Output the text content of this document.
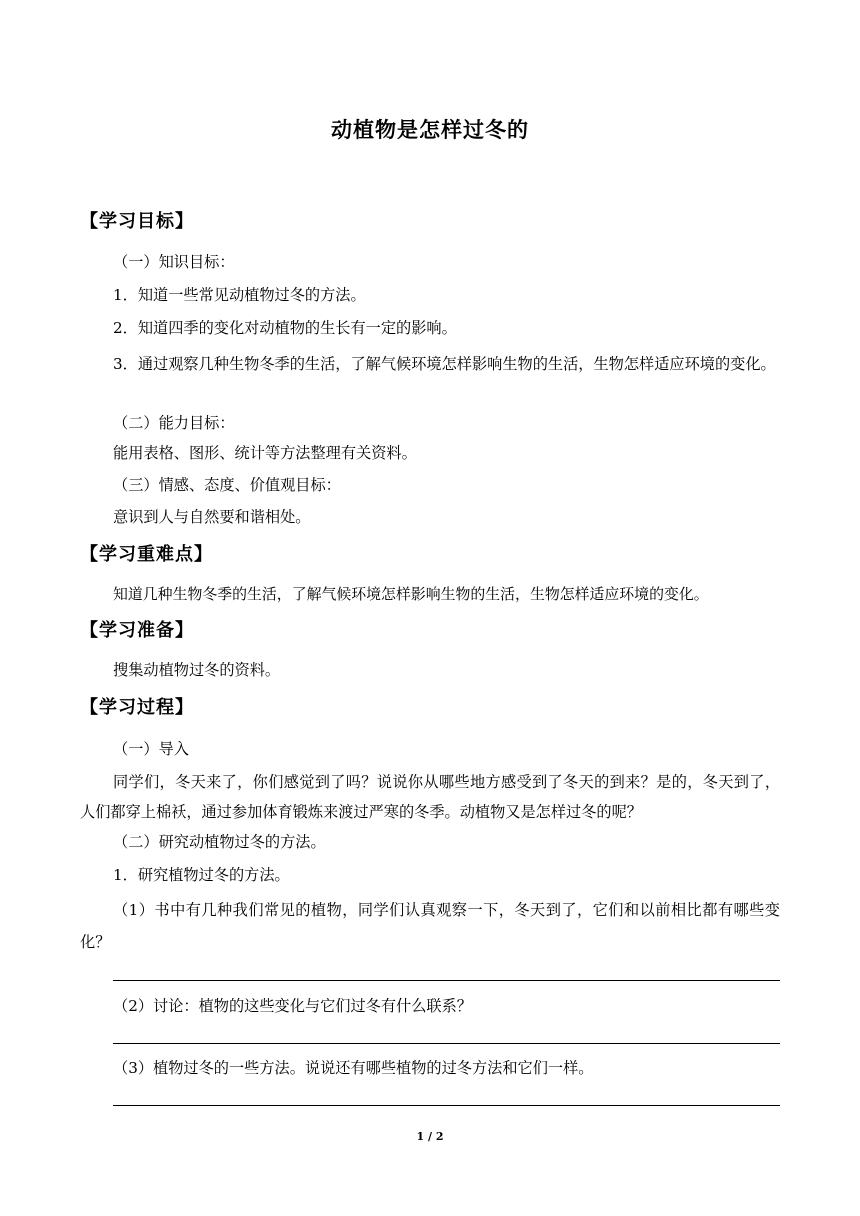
动植物是怎样过冬的
【学习目标】
（一）知识目标：
1．知道一些常见动植物过冬的方法。
2．知道四季的变化对动植物的生长有一定的影响。
3．通过观察几种生物冬季的生活，了解气候环境怎样影响生物的生活，生物怎样适应环境的变化。
（二）能力目标：
能用表格、图形、统计等方法整理有关资料。
（三）情感、态度、价值观目标：
意识到人与自然要和谐相处。
【学习重难点】
知道几种生物冬季的生活，了解气候环境怎样影响生物的生活，生物怎样适应环境的变化。
【学习准备】
搜集动植物过冬的资料。
【学习过程】
（一）导入
同学们，冬天来了，你们感觉到了吗？说说你从哪些地方感受到了冬天的到来？是的，冬天到了，人们都穿上棉袄，通过参加体育锻炼来渡过严寒的冬季。动植物又是怎样过冬的呢？
（二）研究动植物过冬的方法。
1．研究植物过冬的方法。
（1）书中有几种我们常见的植物，同学们认真观察一下，冬天到了，它们和以前相比都有哪些变化？
（2）讨论：植物的这些变化与它们过冬有什么联系？
（3）植物过冬的一些方法。说说还有哪些植物的过冬方法和它们一样。
1 / 2
